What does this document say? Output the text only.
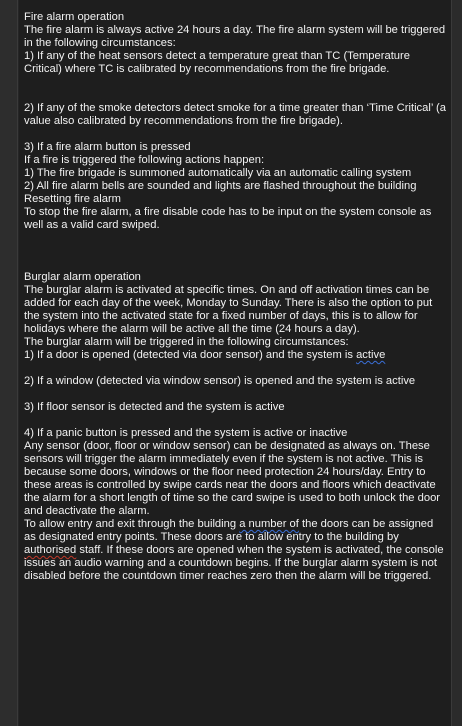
Fire alarm operation

The fire alarm is always active 24 hours a day. The fire alarm system will be triggered in the following circumstances:

1) If any of the heat sensors detect a temperature great than TC (Temperature Critical) where TC is calibrated by recommendations from the fire brigade.

2) If any of the smoke detectors detect smoke for a time greater than ‘Time Critical’ (a value also calibrated by recommendations from the fire brigade).

3) If a fire alarm button is pressed

If a fire is triggered the following actions happen:

1) The fire brigade is summoned automatically via an automatic calling system

2) All fire alarm bells are sounded and lights are flashed throughout the building

Resetting fire alarm

To stop the fire alarm, a fire disable code has to be input on the system console as well as a valid card swiped.

Burglar alarm operation

The burglar alarm is activated at specific times. On and off activation times can be added for each day of the week, Monday to Sunday. There is also the option to put the system into the activated state for a fixed number of days, this is to allow for holidays where the alarm will be active all the time (24 hours a day).

The burglar alarm will be triggered in the following circumstances:

1) If a door is opened (detected via door sensor) and the system is active

2) If a window (detected via window sensor) is opened and the system is active

3) If floor sensor is detected and the system is active

4) If a panic button is pressed and the system is active or inactive

Any sensor (door, floor or window sensor) can be designated as always on. These sensors will trigger the alarm immediately even if the system is not active. This is because some doors, windows or the floor need protection 24 hours/day. Entry to these areas is controlled by swipe cards near the doors and floors which deactivate the alarm for a short length of time so the card swipe is used to both unlock the door and deactivate the alarm.

To allow entry and exit through the building a number of the doors can be assigned as designated entry points. These doors are to allow entry to the building by authorised staff. If these doors are opened when the system is activated, the console issues an audio warning and a countdown begins. If the burglar alarm system is not disabled before the countdown timer reaches zero then the alarm will be triggered.
